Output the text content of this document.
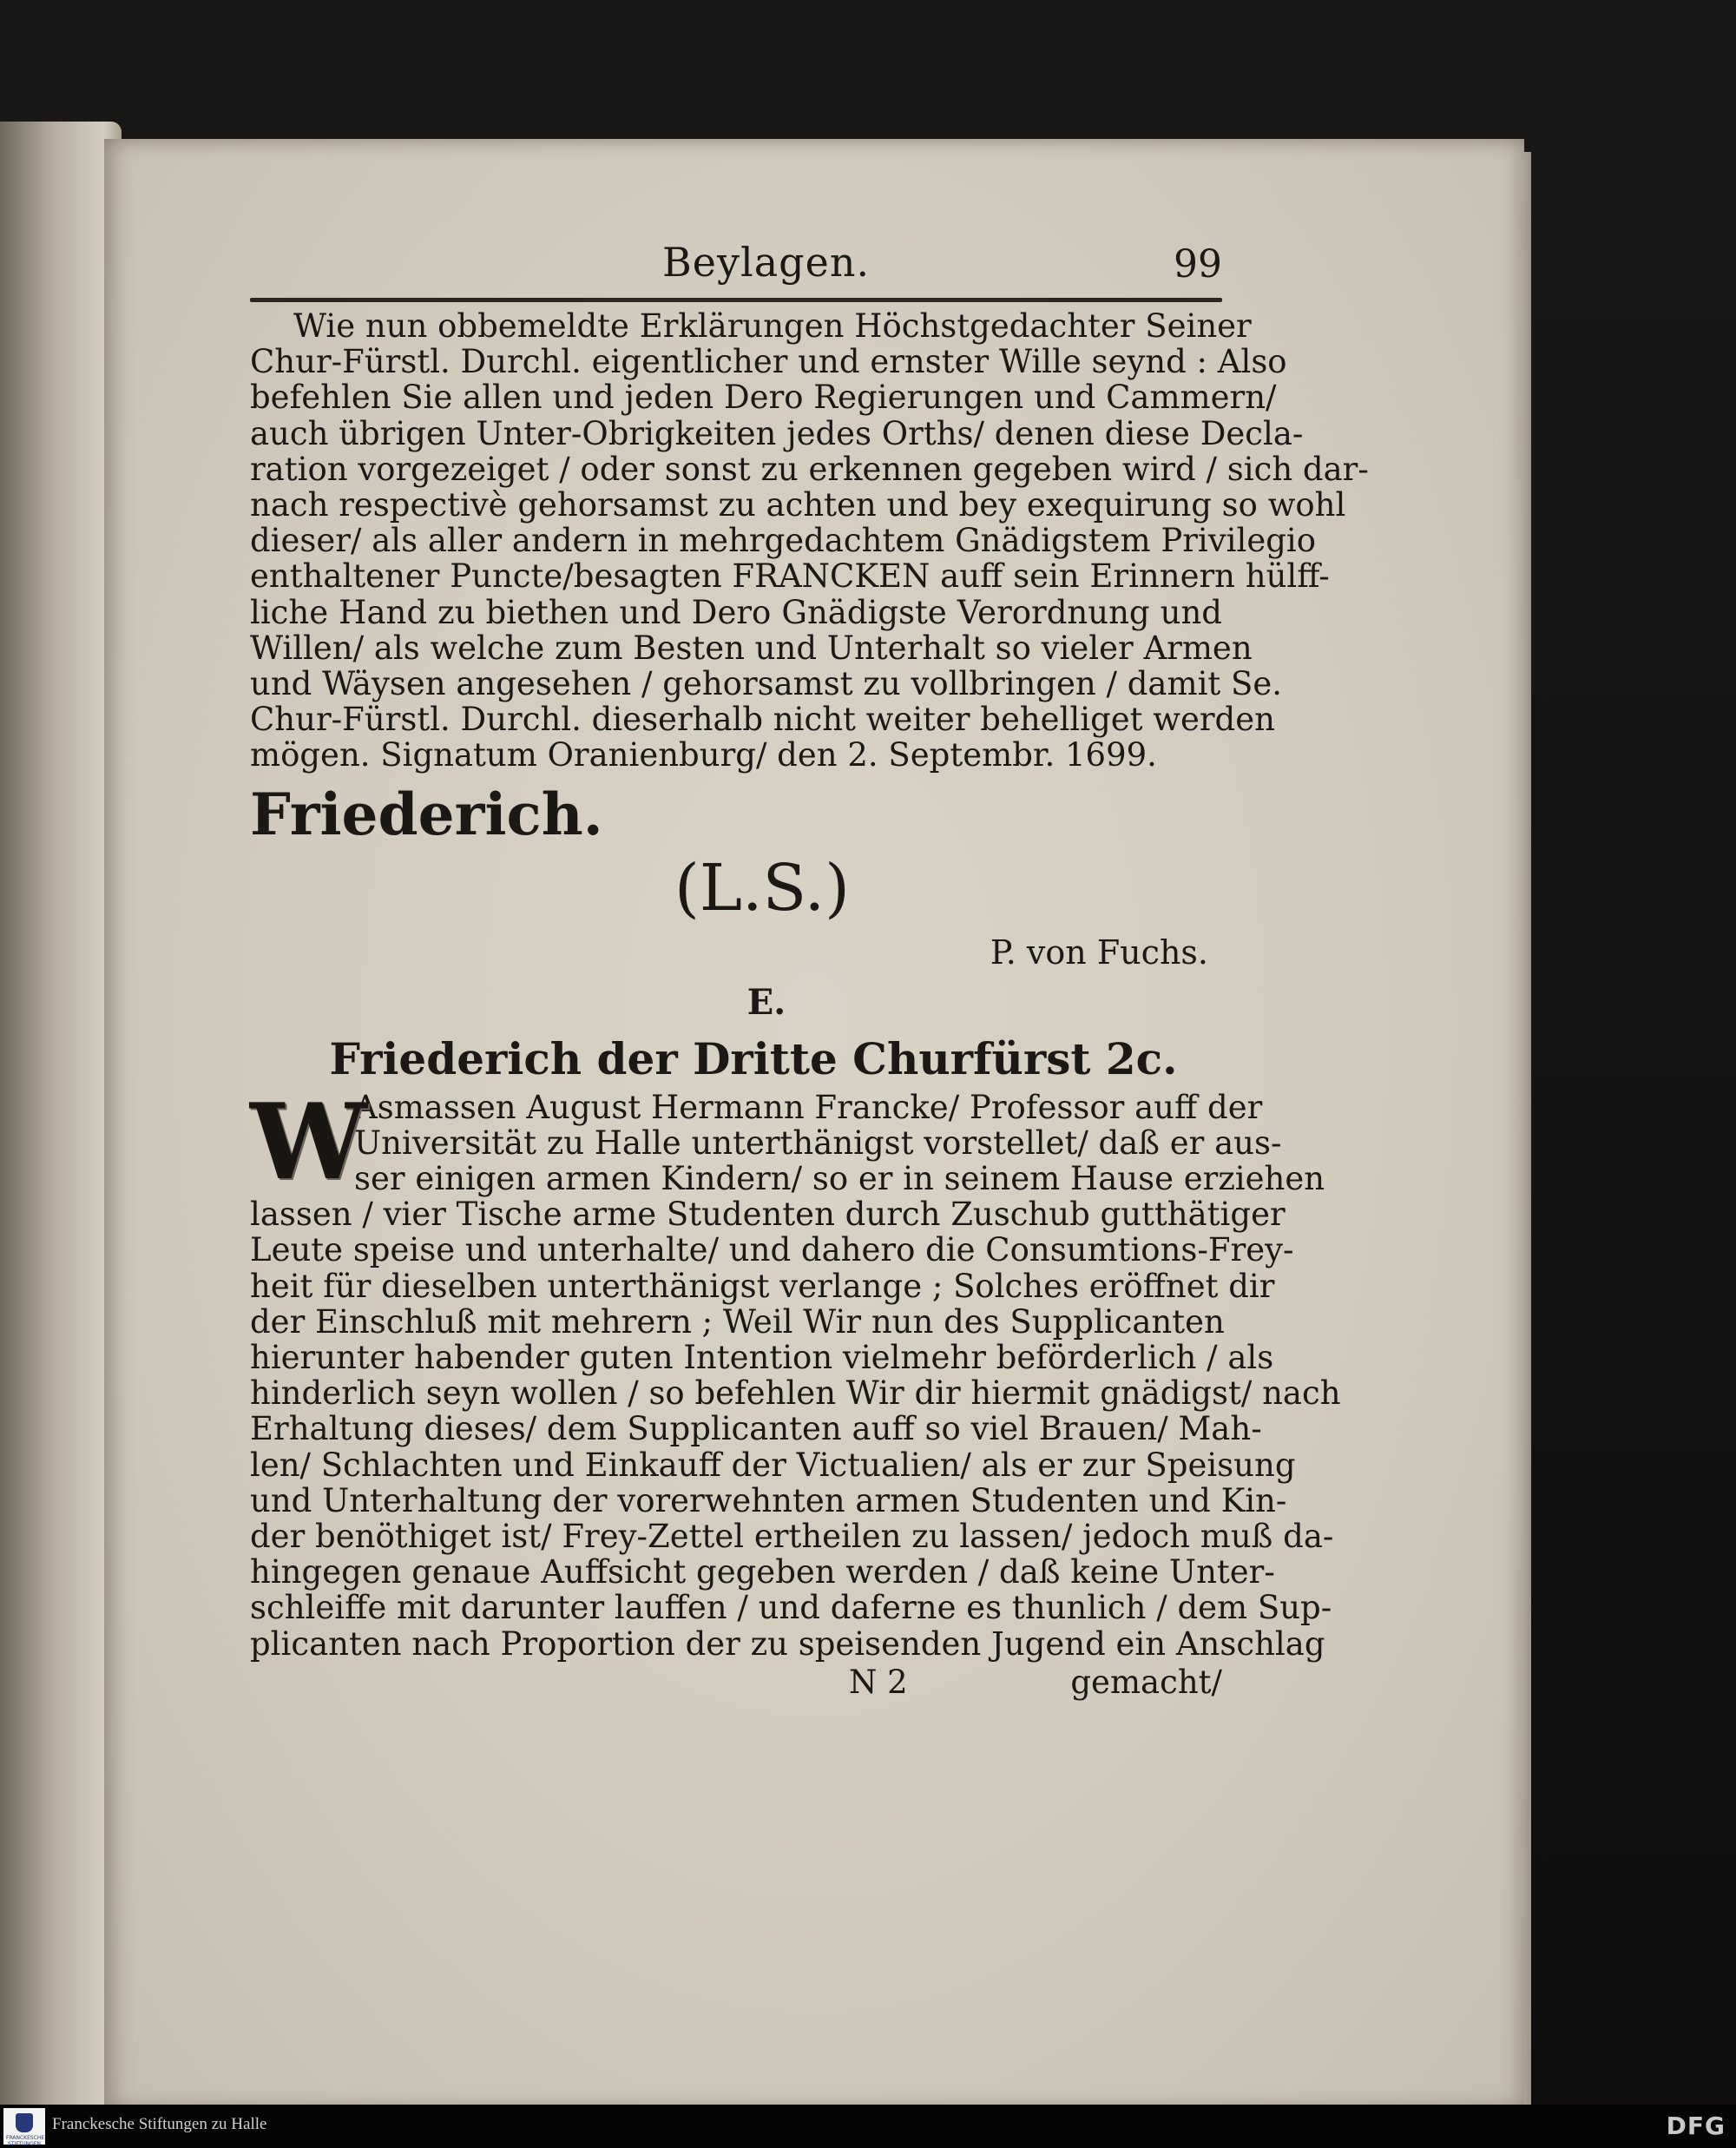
Beylagen.	99
Wie nun obbemeldte Erklärungen Höchstgedachter Seiner
Chur-Fürstl. Durchl. eigentlicher und ernster Wille seynd : Also
befehlen Sie allen und jeden Dero Regierungen und Cammern/
auch übrigen Unter-Obrigkeiten jedes Orths/ denen diese Decla-
ration vorgezeiget / oder sonst zu erkennen gegeben wird / sich dar-
nach respectivè gehorsamst zu achten und bey exequirung so wohl
dieser/ als aller andern in mehrgedachtem Gnädigstem Privilegio
enthaltener Puncte/besagten FRANCKEN auff sein Erinnern hülff-
liche Hand zu biethen und Dero Gnädigste Verordnung und
Willen/ als welche zum Besten und Unterhalt so vieler Armen
und Wäysen angesehen / gehorsamst zu vollbringen / damit Se.
Chur-Fürstl. Durchl. dieserhalb nicht weiter behelliget werden
mögen. Signatum Oranienburg/ den 2. Septembr. 1699.
Friederich.
(L.S.)
P. von Fuchs.
E.
Friederich der Dritte Churfürst 2c.
W
Asmassen August Hermann Francke/ Professor auff der
Universität zu Halle unterthänigst vorstellet/ daß er aus-
ser einigen armen Kindern/ so er in seinem Hause erziehen
lassen / vier Tische arme Studenten durch Zuschub gutthätiger
Leute speise und unterhalte/ und dahero die Consumtions-Frey-
heit für dieselben unterthänigst verlange ; Solches eröffnet dir
der Einschluß mit mehrern ; Weil Wir nun des Supplicanten
hierunter habender guten Intention vielmehr beförderlich / als
hinderlich seyn wollen / so befehlen Wir dir hiermit gnädigst/ nach
Erhaltung dieses/ dem Supplicanten auff so viel Brauen/ Mah-
len/ Schlachten und Einkauff der Victualien/ als er zur Speisung
und Unterhaltung der vorerwehnten armen Studenten und Kin-
der benöthiget ist/ Frey-Zettel ertheilen zu lassen/ jedoch muß da-
hingegen genaue Auffsicht gegeben werden / daß keine Unter-
schleiffe mit darunter lauffen / und daferne es thunlich / dem Sup-
plicanten nach Proportion der zu speisenden Jugend ein Anschlag
N 2	gemacht/
FRANCKESCHE STIFTUNGEN
Franckesche Stiftungen zu Halle	DFG
